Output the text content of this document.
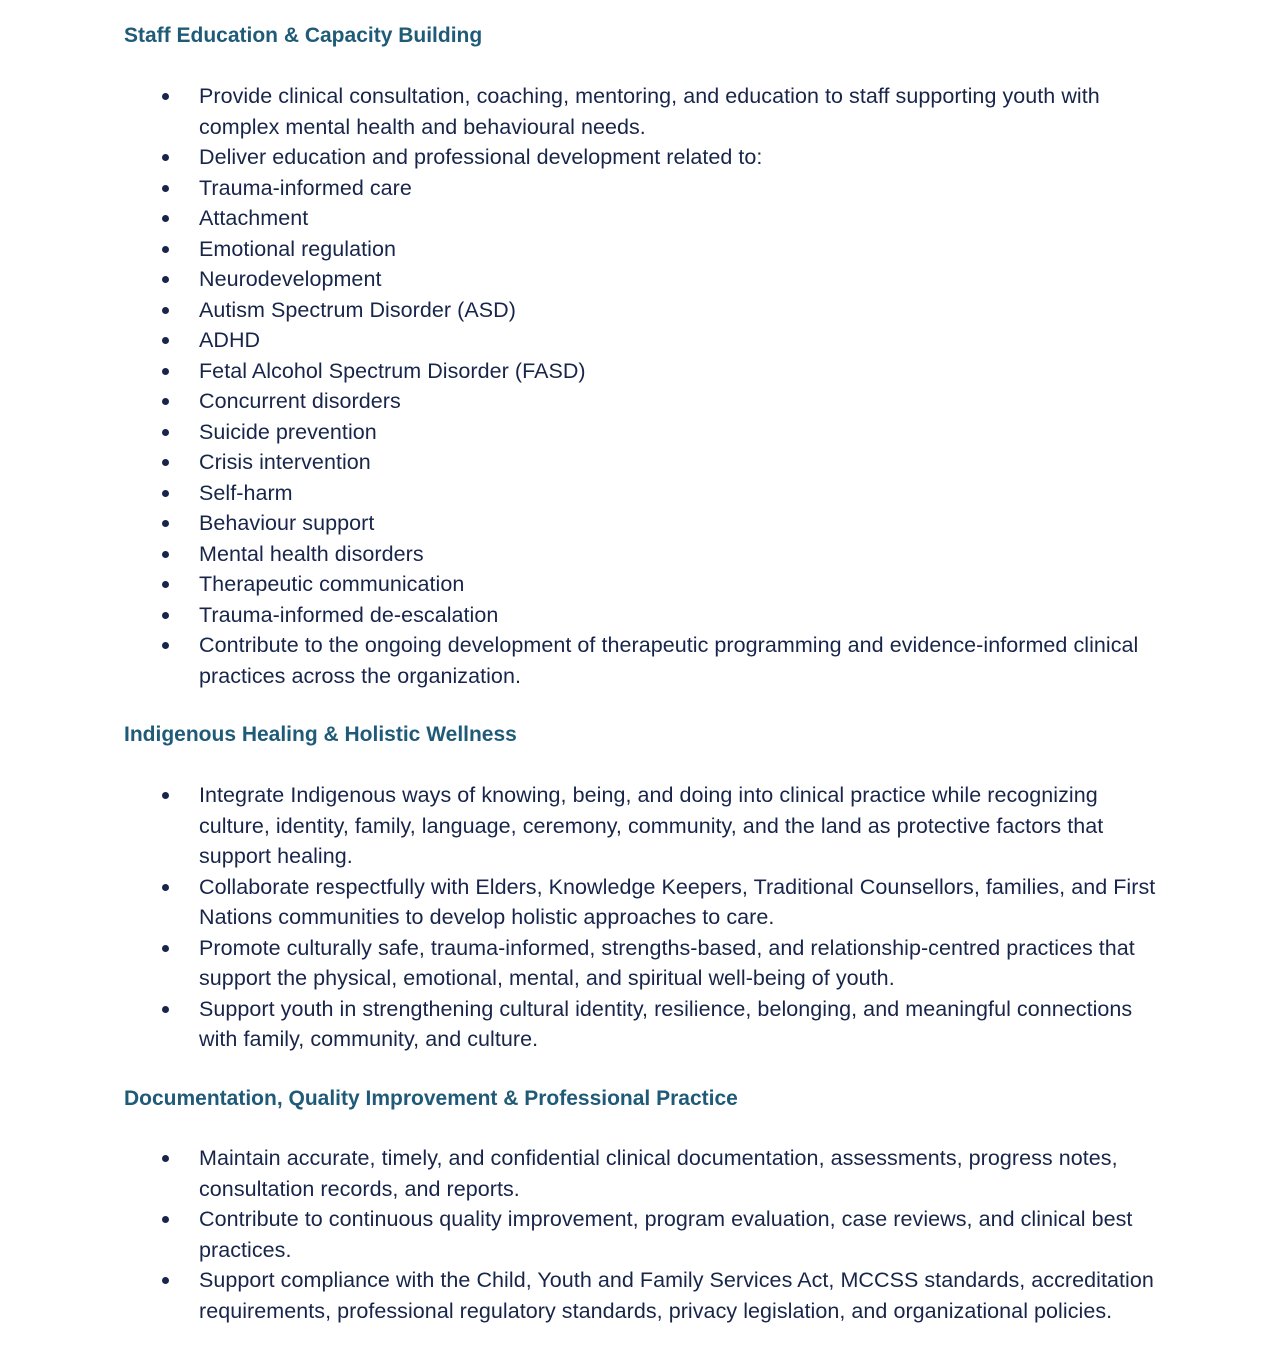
Staff Education & Capacity Building
Provide clinical consultation, coaching, mentoring, and education to staff supporting youth with complex mental health and behavioural needs.
Deliver education and professional development related to:
Trauma-informed care
Attachment
Emotional regulation
Neurodevelopment
Autism Spectrum Disorder (ASD)
ADHD
Fetal Alcohol Spectrum Disorder (FASD)
Concurrent disorders
Suicide prevention
Crisis intervention
Self-harm
Behaviour support
Mental health disorders
Therapeutic communication
Trauma-informed de-escalation
Contribute to the ongoing development of therapeutic programming and evidence-informed clinical practices across the organization.
Indigenous Healing & Holistic Wellness
Integrate Indigenous ways of knowing, being, and doing into clinical practice while recognizing culture, identity, family, language, ceremony, community, and the land as protective factors that support healing.
Collaborate respectfully with Elders, Knowledge Keepers, Traditional Counsellors, families, and First Nations communities to develop holistic approaches to care.
Promote culturally safe, trauma-informed, strengths-based, and relationship-centred practices that support the physical, emotional, mental, and spiritual well-being of youth.
Support youth in strengthening cultural identity, resilience, belonging, and meaningful connections with family, community, and culture.
Documentation, Quality Improvement & Professional Practice
Maintain accurate, timely, and confidential clinical documentation, assessments, progress notes, consultation records, and reports.
Contribute to continuous quality improvement, program evaluation, case reviews, and clinical best practices.
Support compliance with the Child, Youth and Family Services Act, MCCSS standards, accreditation requirements, professional regulatory standards, privacy legislation, and organizational policies.
